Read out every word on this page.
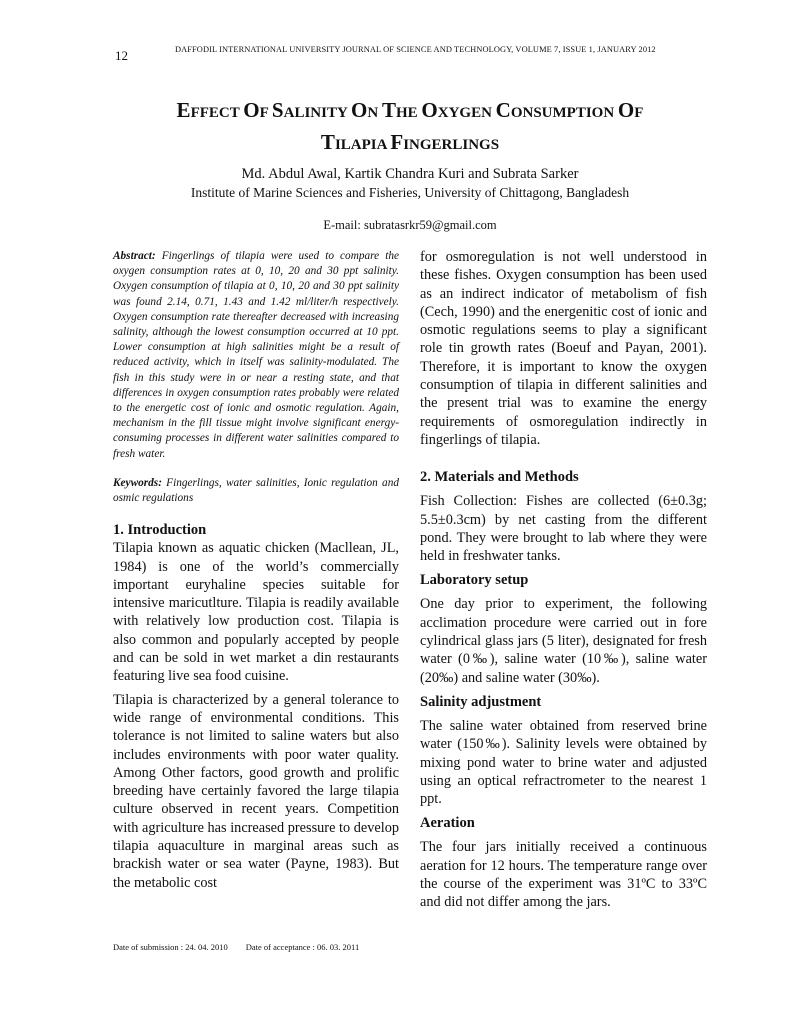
12	DAFFODIL INTERNATIONAL UNIVERSITY JOURNAL OF SCIENCE AND TECHNOLOGY, VOLUME 7, ISSUE 1, JANUARY 2012
EFFECT OF SALINITY ON THE OXYGEN CONSUMPTION OF
TILAPIA FINGERLINGS
Md. Abdul Awal, Kartik Chandra Kuri and Subrata Sarker
Institute of Marine Sciences and Fisheries, University of Chittagong, Bangladesh
E-mail: subratasrkr59@gmail.com

Abstract: Fingerlings of tilapia were used to compare the oxygen consumption rates at 0, 10, 20 and 30 ppt salinity. Oxygen consumption of tilapia at 0, 10, 20 and 30 ppt salinity was found 2.14, 0.71, 1.43 and 1.42 ml/liter/h respectively. Oxygen consumption rate thereafter decreased with increasing salinity, although the lowest consumption occurred at 10 ppt. Lower consumption at high salinities might be a result of reduced activity, which in itself was salinity-modulated. The fish in this study were in or near a resting state, and that differences in oxygen consumption rates probably were related to the energetic cost of ionic and osmotic regulation. Again, mechanism in the fill tissue might involve significant energy-consuming processes in different water salinities compared to fresh water.

Keywords: Fingerlings, water salinities, Ionic regulation and osmic regulations

1. Introduction

Tilapia known as aquatic chicken (Macllean, JL, 1984) is one of the world’s commercially important euryhaline species suitable for intensive maricutlture. Tilapia is readily available with relatively low production cost. Tilapia is also common and popularly accepted by people and can be sold in wet market a din restaurants featuring live sea food cuisine.

Tilapia is characterized by a general tolerance to wide range of environmental conditions. This tolerance is not limited to saline waters but also includes environments with poor water quality. Among Other factors, good growth and prolific breeding have certainly favored the large tilapia culture observed in recent years. Competition with agriculture has increased pressure to develop tilapia aquaculture in marginal areas such as brackish water or sea water (Payne, 1983). But the metabolic cost

for osmoregulation is not well understood in these fishes. Oxygen consumption has been used as an indirect indicator of metabolism of fish (Cech, 1990) and the energenitic cost of ionic and osmotic regulations seems to play a significant role tin growth rates (Boeuf and Payan, 2001). Therefore, it is important to know the oxygen consumption of tilapia in different salinities and the present trial was to examine the energy requirements of osmoregulation indirectly in fingerlings of tilapia.

2. Materials and Methods

Fish Collection: Fishes are collected (6±0.3g; 5.5±0.3cm) by net casting from the different pond. They were brought to lab where they were held in freshwater tanks.

Laboratory setup

One day prior to experiment, the following acclimation procedure were carried out in fore cylindrical glass jars (5 liter), designated for fresh water (0‰), saline water (10‰), saline water (20‰) and saline water (30‰).

Salinity adjustment

The saline water obtained from reserved brine water (150‰). Salinity levels were obtained by mixing pond water to brine water and adjusted using an optical refractrometer to the nearest 1 ppt.

Aeration

The four jars initially received a continuous aeration for 12 hours. The temperature range over the course of the experiment was 31ºC to 33ºC and did not differ among the jars.

Date of submission : 24. 04. 2010 Date of acceptance : 06. 03. 2011
